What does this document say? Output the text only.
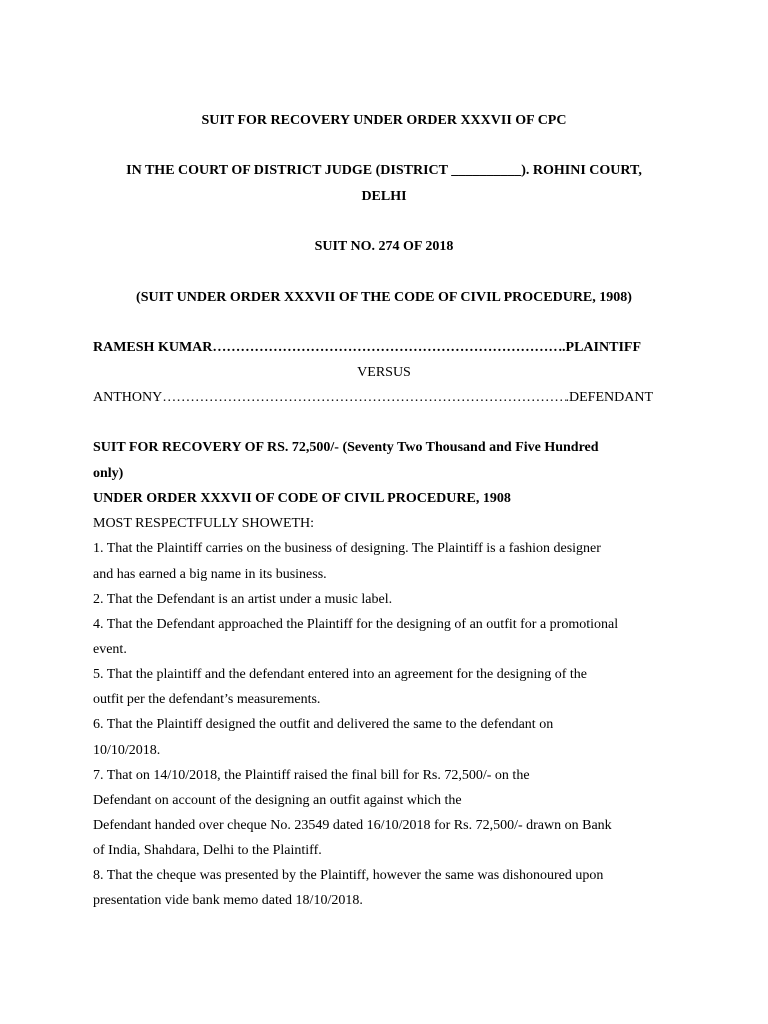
SUIT FOR RECOVERY UNDER ORDER XXXVII OF CPC
IN THE COURT OF DISTRICT JUDGE (DISTRICT __________). ROHINI COURT,
DELHI
SUIT NO. 274 OF 2018
(SUIT UNDER ORDER XXXVII OF THE CODE OF CIVIL PROCEDURE, 1908)
RAMESH KUMAR …………………………………………………………………………………………………………………………………………………………………	..PLAINTIFF
VERSUS
ANTHONY …………………………………………………………………………………………………………………………………………………………………	.DEFENDANT
SUIT FOR RECOVERY OF RS. 72,500/- (Seventy Two Thousand and Five Hundred
only)
UNDER ORDER XXXVII OF CODE OF CIVIL PROCEDURE, 1908
MOST RESPECTFULLY SHOWETH:
1. That the Plaintiff carries on the business of designing. The Plaintiff is a fashion designer
and has earned a big name in its business.
2. That the Defendant is an artist under a music label.
4. That the Defendant approached the Plaintiff for the designing of an outfit for a promotional
event.
5. That the plaintiff and the defendant entered into an agreement for the designing of the
outfit per the defendant’s measurements.
6. That the Plaintiff designed the outfit and delivered the same to the defendant on
10/10/2018.
7. That on 14/10/2018, the Plaintiff raised the final bill for Rs. 72,500/- on the
Defendant on account of the designing an outfit against which the
Defendant handed over cheque No. 23549 dated 16/10/2018 for Rs. 72,500/- drawn on Bank
of India, Shahdara, Delhi to the Plaintiff.
8. That the cheque was presented by the Plaintiff, however the same was dishonoured upon
presentation vide bank memo dated 18/10/2018.
